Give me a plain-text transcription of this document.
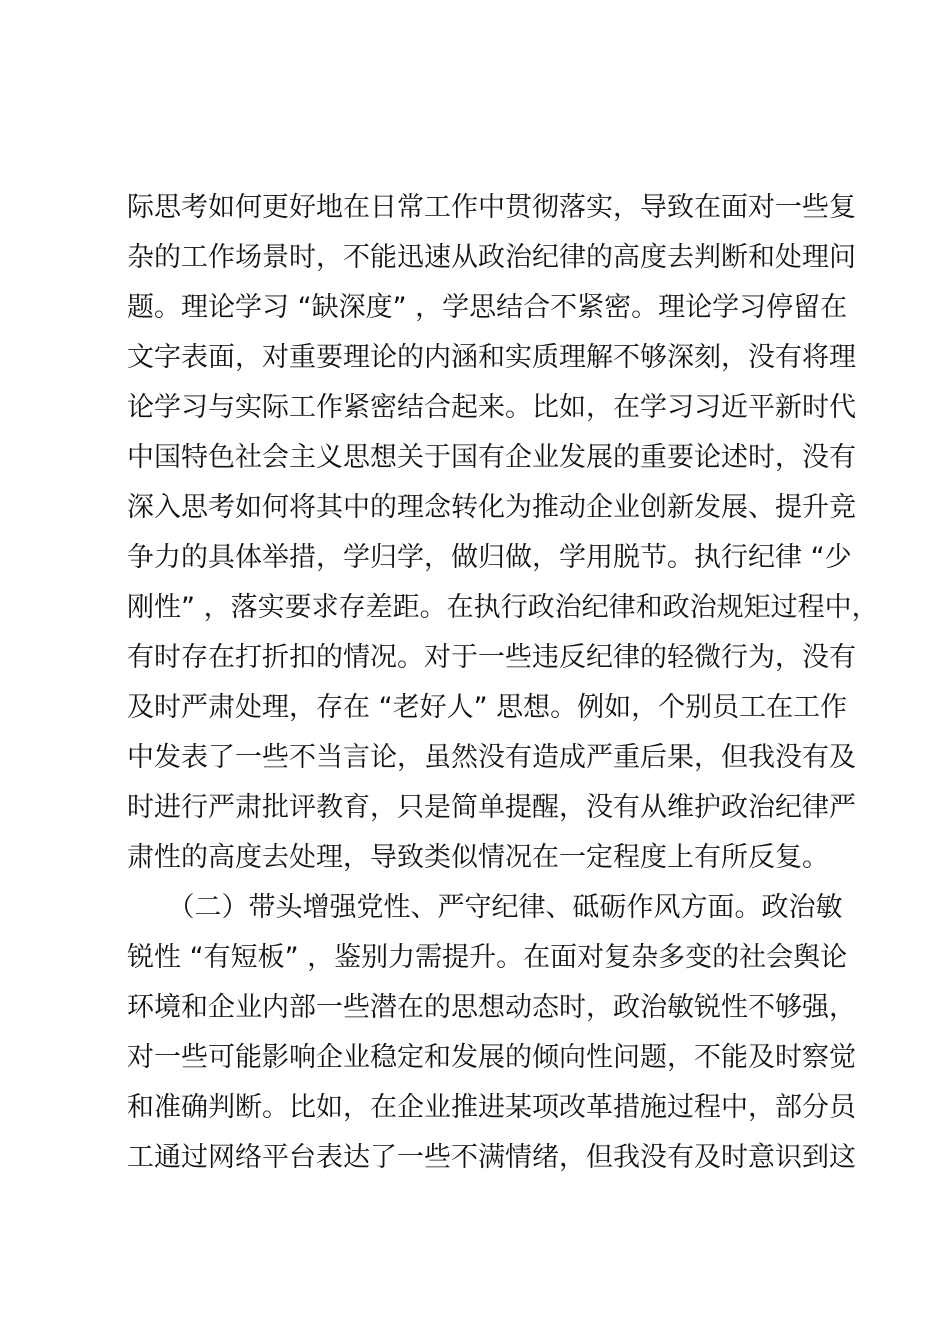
际思考如何更好地在日常工作中贯彻落实，导致在面对一些复
杂的工作场景时，不能迅速从政治纪律的高度去判断和处理问
题。理论学习 “缺深度” ，学思结合不紧密。理论学习停留在
文字表面，对重要理论的内涵和实质理解不够深刻，没有将理
论学习与实际工作紧密结合起来。比如，在学习习近平新时代
中国特色社会主义思想关于国有企业发展的重要论述时，没有
深入思考如何将其中的理念转化为推动企业创新发展、提升竞
争力的具体举措，学归学，做归做，学用脱节。执行纪律 “少
刚性” ，落实要求存差距。在执行政治纪律和政治规矩过程中，
有时存在打折扣的情况。对于一些违反纪律的轻微行为，没有
及时严肃处理，存在 “老好人” 思想。例如，个别员工在工作
中发表了一些不当言论，虽然没有造成严重后果，但我没有及
时进行严肃批评教育，只是简单提醒，没有从维护政治纪律严
肃性的高度去处理，导致类似情况在一定程度上有所反复。
　　（二）带头增强党性、严守纪律、砥砺作风方面。政治敏
锐性 “有短板” ，鉴别力需提升。在面对复杂多变的社会舆论
环境和企业内部一些潜在的思想动态时，政治敏锐性不够强，
对一些可能影响企业稳定和发展的倾向性问题，不能及时察觉
和准确判断。比如，在企业推进某项改革措施过程中，部分员
工通过网络平台表达了一些不满情绪，但我没有及时意识到这
